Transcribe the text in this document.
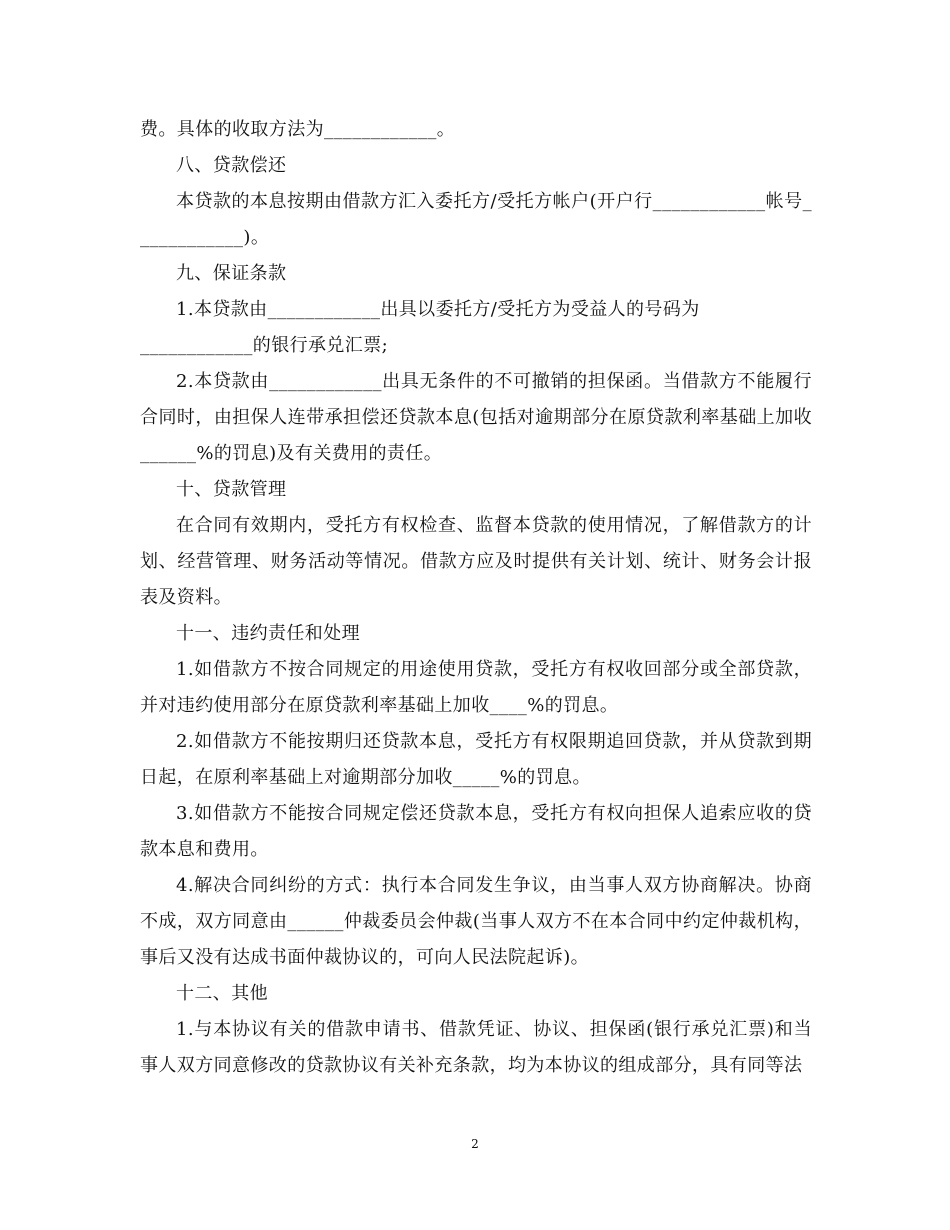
费。具体的收取方法为____________。

八、贷款偿还

本贷款的本息按期由借款方汇入委托方/受托方帐户(开户行____________帐号____________)。

九、保证条款

1.本贷款由____________出具以委托方/受托方为受益人的号码为
____________的银行承兑汇票;

2.本贷款由____________出具无条件的不可撤销的担保函。当借款方不能履行合同时，由担保人连带承担偿还贷款本息(包括对逾期部分在原贷款利率基础上加收______%的罚息)及有关费用的责任。

十、贷款管理

在合同有效期内，受托方有权检查、监督本贷款的使用情况，了解借款方的计划、经营管理、财务活动等情况。借款方应及时提供有关计划、统计、财务会计报表及资料。

十一、违约责任和处理

1.如借款方不按合同规定的用途使用贷款，受托方有权收回部分或全部贷款，并对违约使用部分在原贷款利率基础上加收____%的罚息。

2.如借款方不能按期归还贷款本息，受托方有权限期追回贷款，并从贷款到期日起，在原利率基础上对逾期部分加收_____%的罚息。

3.如借款方不能按合同规定偿还贷款本息，受托方有权向担保人追索应收的贷款本息和费用。

4.解决合同纠纷的方式：执行本合同发生争议，由当事人双方协商解决。协商不成，双方同意由______仲裁委员会仲裁(当事人双方不在本合同中约定仲裁机构，事后又没有达成书面仲裁协议的，可向人民法院起诉)。

十二、其他

1.与本协议有关的借款申请书、借款凭证、协议、担保函(银行承兑汇票)和当事人双方同意修改的贷款协议有关补充条款，均为本协议的组成部分，具有同等法

2
